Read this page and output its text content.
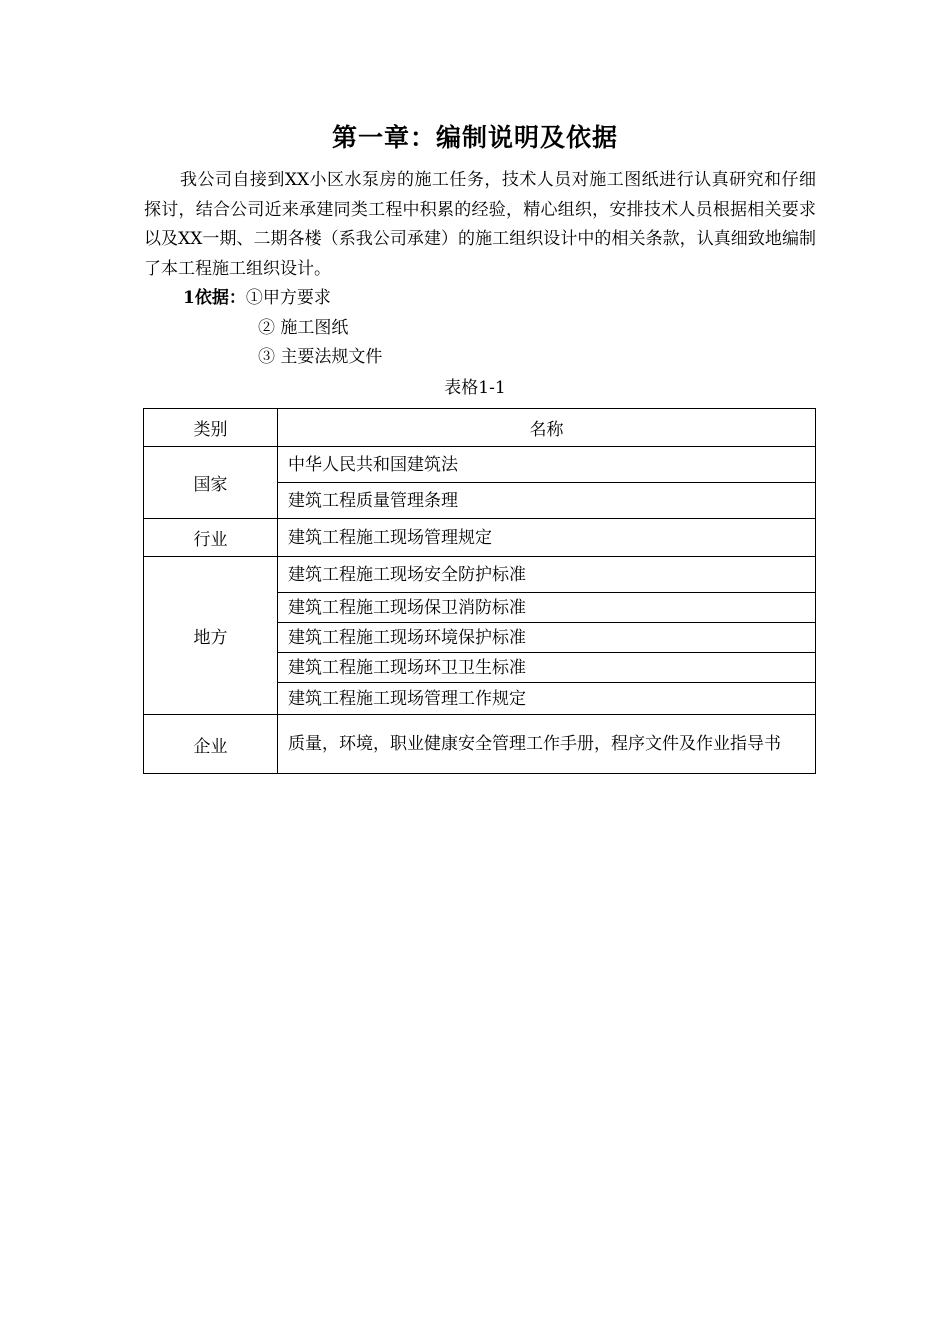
第一章：编制说明及依据

我公司自接到XX小区水泵房的施工任务，技术人员对施工图纸进行认真研究和仔细探讨，结合公司近来承建同类工程中积累的经验，精心组织，安排技术人员根据相关要求以及XX一期、二期各楼（系我公司承建）的施工组织设计中的相关条款，认真细致地编制了本工程施工组织设计。

1依据：①甲方要求
② 施工图纸
③ 主要法规文件
表格1-1
类别	名称
国家	中华人民共和国建筑法
	建筑工程质量管理条理
行业	建筑工程施工现场管理规定
地方	建筑工程施工现场安全防护标准
	建筑工程施工现场保卫消防标准
	建筑工程施工现场环境保护标准
	建筑工程施工现场环卫卫生标准
	建筑工程施工现场管理工作规定
企业	质量，环境，职业健康安全管理工作手册，程序文件及作业指导书
